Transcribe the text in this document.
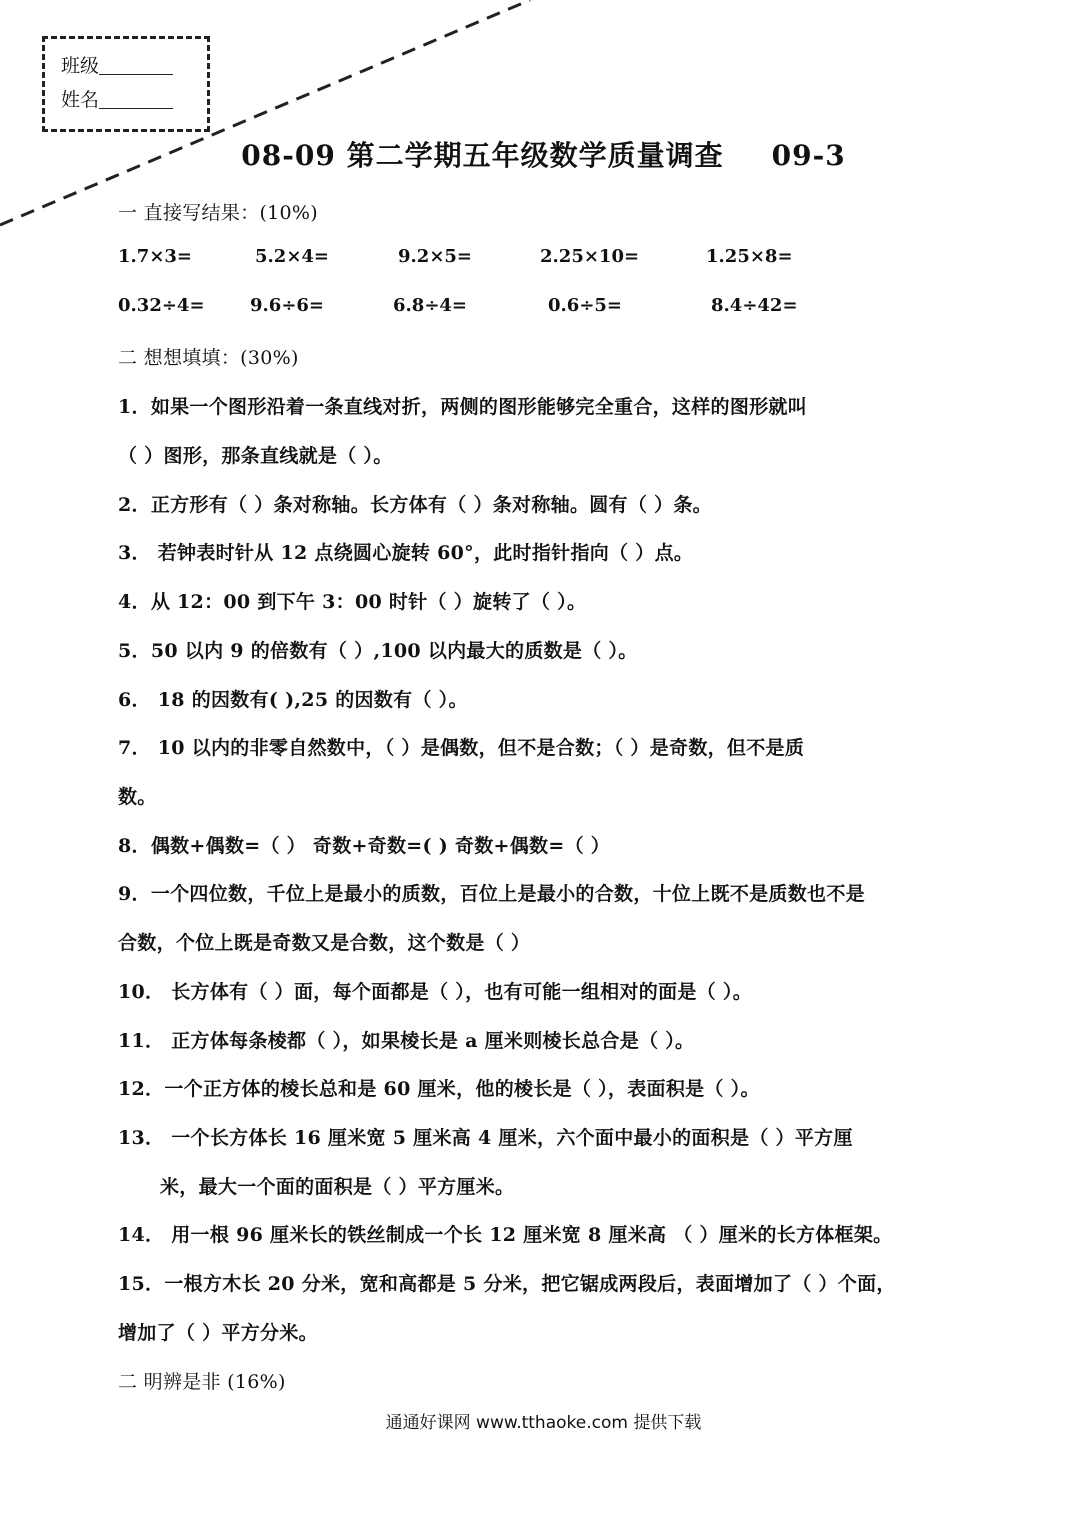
班级
姓名
08-09 第二学期五年级数学质量调查 09-3
一 直接写结果：(10%)
1.7×3=	5.2×4=	9.2×5=	2.25×10=	1.25×8=
0.32÷4=	9.6÷6=	6.8÷4=	0.6÷5=	8.4÷42=
二 想想填填：(30%)
1．如果一个图形沿着一条直线对折，两侧的图形能够完全重合，这样的图形就叫
（ ）图形，那条直线就是（ ）。
2．正方形有（ ）条对称轴。长方体有（ ）条对称轴。圆有（ ）条。
3． 若钟表时针从 12 点绕圆心旋转 60°，此时指针指向（ ）点。
4．从 12：00 到下午 3：00 时针（ ）旋转了（ ）。
5．50 以内 9 的倍数有（ ）,100 以内最大的质数是（ ）。
6． 18 的因数有( ),25 的因数有（ ）。
7． 10 以内的非零自然数中，（ ）是偶数，但不是合数；（ ）是奇数，但不是质
数。
8．偶数+偶数=（ ） 奇数+奇数=( ) 奇数+偶数=（ ）
9．一个四位数，千位上是最小的质数，百位上是最小的合数，十位上既不是质数也不是
合数，个位上既是奇数又是合数，这个数是（ ）
10． 长方体有（ ）面，每个面都是（ ），也有可能一组相对的面是（ ）。
11． 正方体每条棱都（ ），如果棱长是 a 厘米则棱长总合是（ ）。
12．一个正方体的棱长总和是 60 厘米，他的棱长是（ ），表面积是（ ）。
13． 一个长方体长 16 厘米宽 5 厘米高 4 厘米，六个面中最小的面积是（ ）平方厘
米，最大一个面的面积是（ ）平方厘米。
14． 用一根 96 厘米长的铁丝制成一个长 12 厘米宽 8 厘米高 （ ）厘米的长方体框架。
15．一根方木长 20 分米，宽和高都是 5 分米，把它锯成两段后，表面增加了（ ）个面，
增加了（ ）平方分米。
二 明辨是非 (16%)
通通好课网 www.tthaoke.com 提供下载
